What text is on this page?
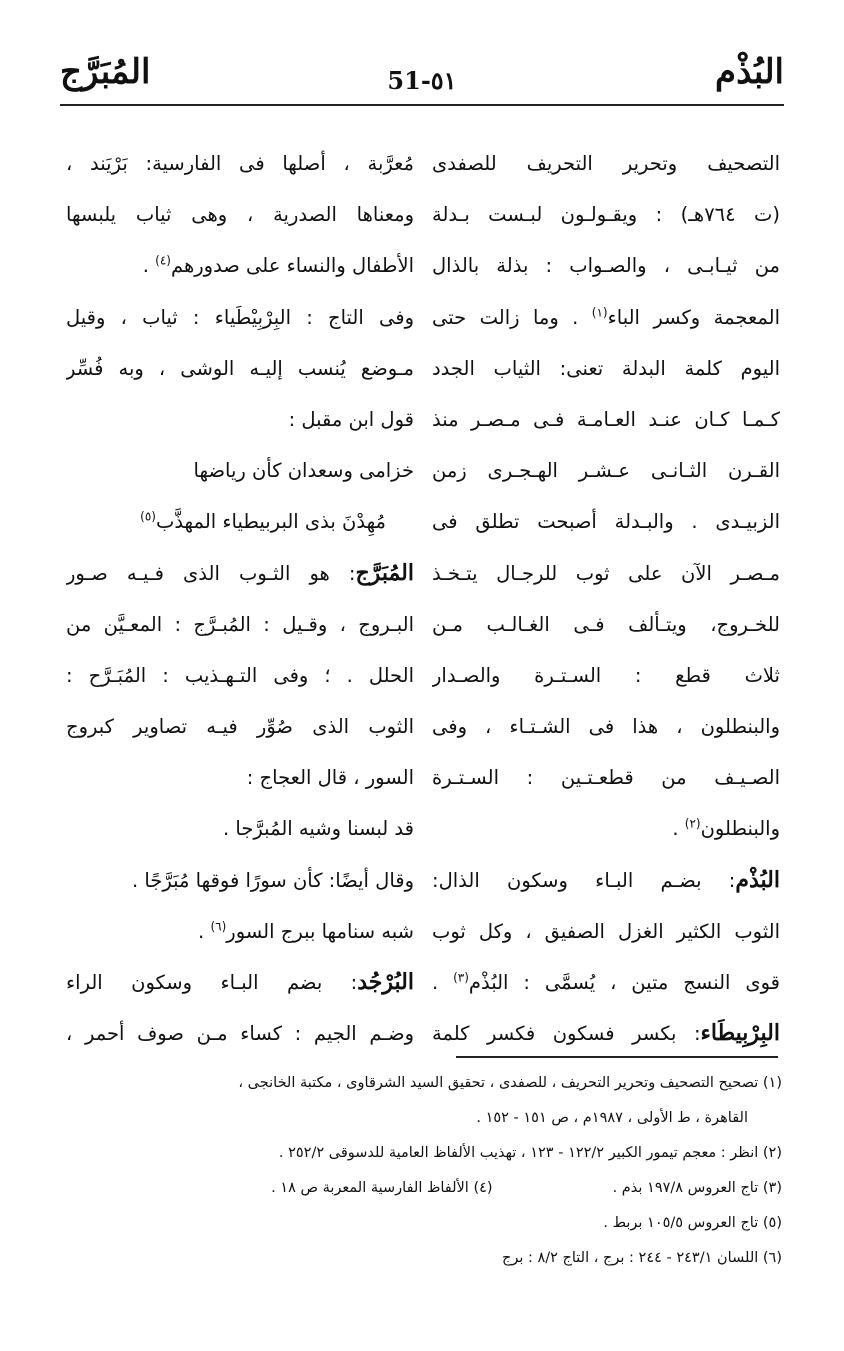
البُذْم
51-٥١
المُبَرَّج
التصحيف وتحرير التحريف للصفدى
(ت ٧٦٤هـ) : ويقـولـون لبـست بـدلة
من ثيـابـى ، والصـواب : بذلة بالذال
المعجمة وكسر الباء$^{(١)}$ . وما زالت حتى
اليوم كلمة البدلة تعنى: الثياب الجدد
كـمـا كـان عنـد العـامـة فـى مـصـر منذ
القـرن الثـانـى عـشـر الهـجـرى زمن
الزبيـدى . والبـدلة أصبحت تطلق فى
مـصـر الآن على ثوب للرجـال يتـخـذ
للخـروج، ويتـألف فـى الغـالـب مـن
ثلاث قطع : السـتـرة والصـدار
والبنطلون ، هذا فى الشـتـاء ، وفى
الصـيـف من قطعـتـين : السـتـرة
والبنطلون$^{(٢)}$ .
البُذْم: بضـم البـاء وسكون الذال:
الثوب الكثير الغزل الصفيق ، وكل ثوب
قوى النسج متين ، يُسمَّى : البُذْم$^{(٣)}$ .
البِرْبِيطَاء: بكسر فسكون فكسر كلمة
مُعرَّبة ، أصلها فى الفارسية: بَرْيَند ،
ومعناها الصدرية ، وهى ثياب يلبسها
الأطفال والنساء على صدورهم$^{(٤)}$ .
وفى التاج : البِرْبِيْطَياء : ثياب ، وقيل
مـوضع يُنسب إليـه الوشى ، وبه فُسِّر
قول ابن مقبل :
خزامى وسعدان كأن رياضها
مُهِدْنَ بذى البربيطياء المهذَّب$^{(٥)}$
المُبَرَّج: هو الثـوب الذى فـيـه صـور
البـروج ، وقـيل : المُبـرَّج : المعـيَّن من
الحلل . ؛ وفى التـهـذيب : المُبَـرَّح :
الثوب الذى صُوِّر فيـه تصاوير كبروج
السور ، قال العجاج :
قد لبسنا وشيه المُبرَّجا .
وقال أيضًا: كأن سورًا فوقها مُبَرَّجًا .
شبه سنامها ببرج السور$^{(٦)}$ .
البُرْجُد: بضم البـاء وسكون الراء
وضـم الجيم : كساء مـن صوف أحمر ،
(١) تصحيح التصحيف وتحرير التحريف ، للصفدى ، تحقيق السيد الشرقاوى ، مكتبة الخانجى ،
القاهرة ، ط الأولى ، ١٩٨٧م ، ص ١٥١ - ١٥٢ .
(٢) انظر : معجم تيمور الكبير ١٢٢/٢ - ١٢٣ ، تهذيب الألفاظ العامية للدسوقى ٢٥٢/٢ .
(٣) تاج العروس ١٩٧/٨ بذم .(٤) الألفاظ الفارسية المعربة ص ١٨ .
(٥) تاج العروس ١٠٥/٥ بربط .
(٦) اللسان ٢٤٣/١ - ٢٤٤ : برج ، التاج ٨/٢ : برج
